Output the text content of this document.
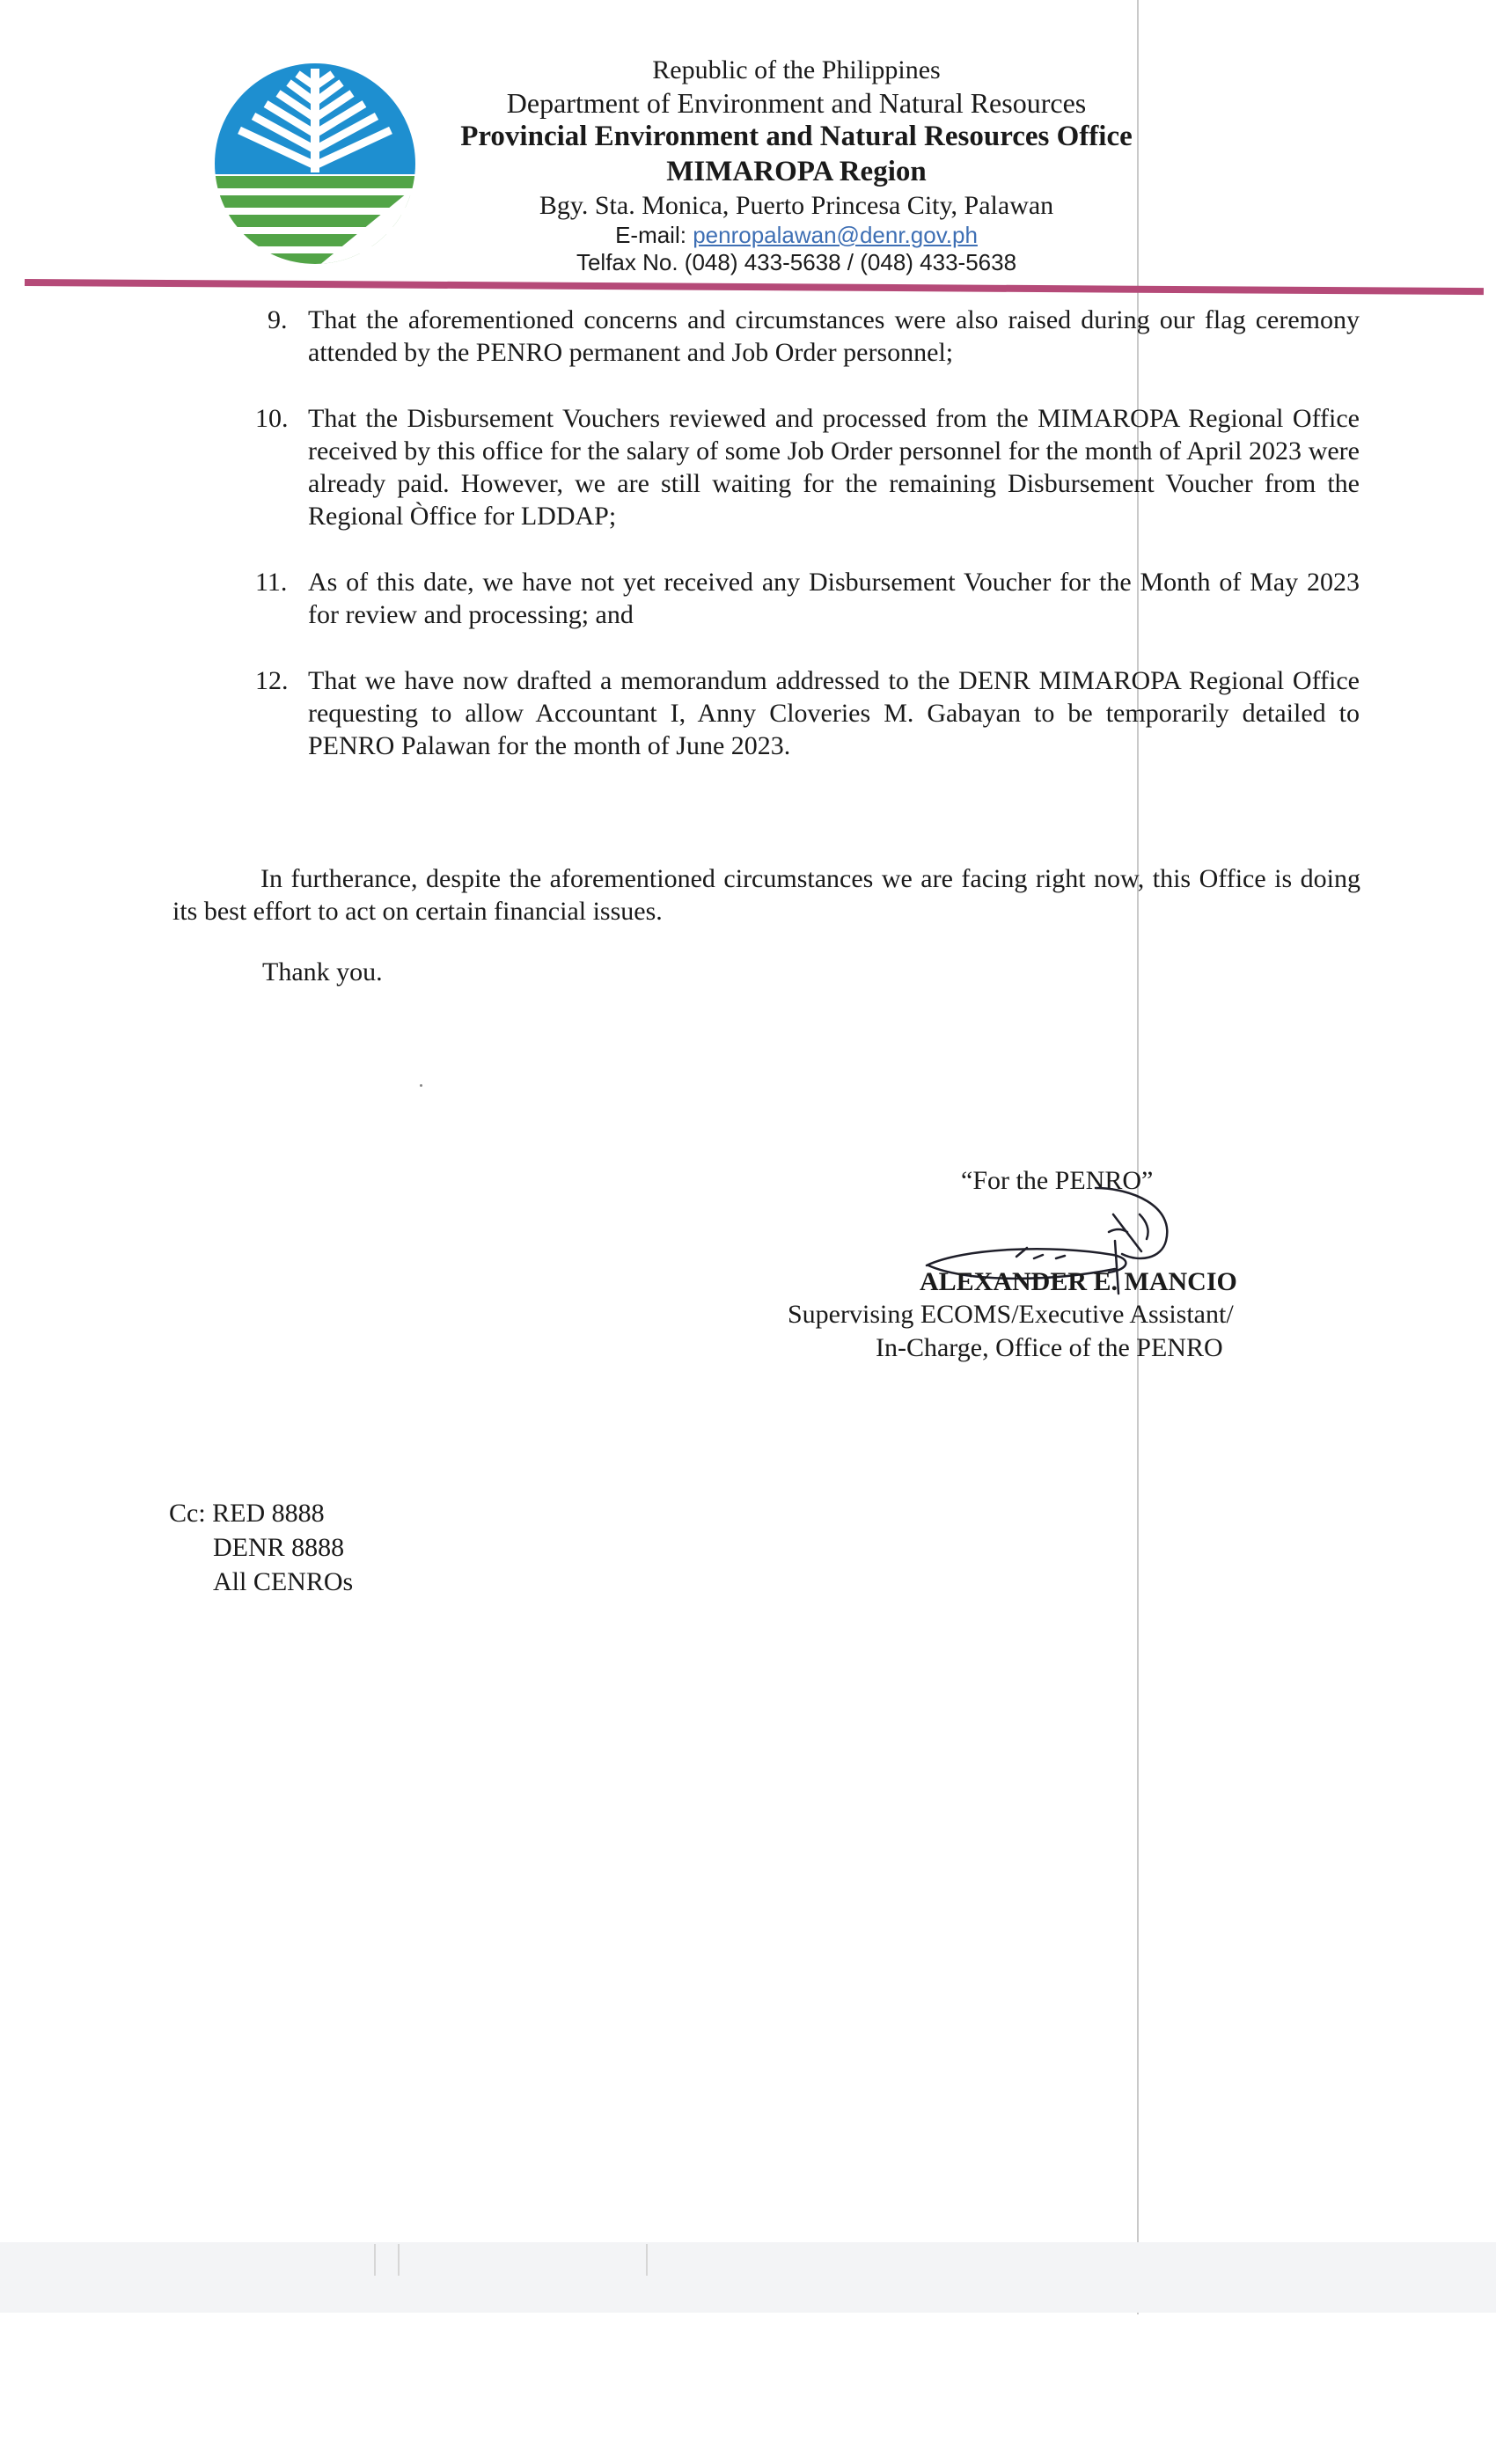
Republic of the Philippines
Department of Environment and Natural Resources
Provincial Environment and Natural Resources Office
MIMAROPA Region
Bgy. Sta. Monica, Puerto Princesa City, Palawan
E-mail: penropalawan@denr.gov.ph
Telfax No. (048) 433-5638 / (048) 433-5638
9. That the aforementioned concerns and circumstances were also raised during our flag ceremony attended by the PENRO permanent and Job Order personnel;
10. That the Disbursement Vouchers reviewed and processed from the MIMAROPA Regional Office received by this office for the salary of some Job Order personnel for the month of April 2023 were already paid. However, we are still waiting for the remaining Disbursement Voucher from the Regional Òffice for LDDAP;
11. As of this date, we have not yet received any Disbursement Voucher for the Month of May 2023 for review and processing; and
12. That we have now drafted a memorandum addressed to the DENR MIMAROPA Regional Office requesting to allow Accountant I, Anny Cloveries M. Gabayan to be temporarily detailed to PENRO Palawan for the month of June 2023.
In furtherance, despite the aforementioned circumstances we are facing right now, this Office is doing its best effort to act on certain financial issues.
Thank you.
“For the PENRO”
ALEXANDER E. MANCIO
Supervising ECOMS/Executive Assistant/
In-Charge, Office of the PENRO
Cc: RED 8888
DENR 8888
All CENROs
